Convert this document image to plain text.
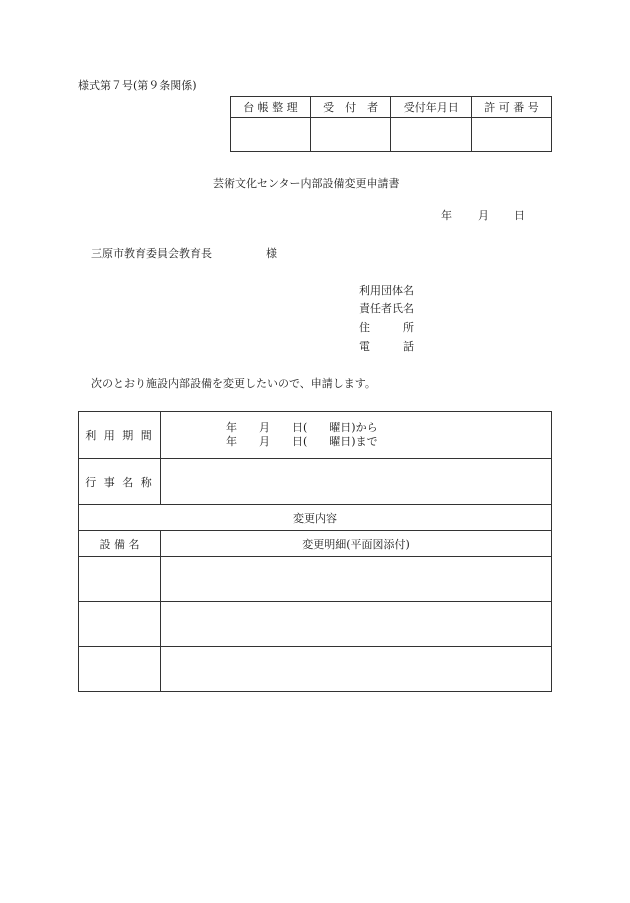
様式第７号(第９条関係)
台 帳 整 理	受　付　者	受付年月日	許 可 番 号

芸術文化センター内部設備変更申請書
年 月 日
三原市教育委員会教育長	様
利用団体名
責任者氏名
住　　　所
電　　　話
次のとおり施設内部設備を変更したいので、申請します。
利 用 期 間	年　　月　　日(　　曜日)から
年　　月　　日(　　曜日)まで

行 事 名 称	
変更内容	
設 備 名	変更明細(平面図添付)
